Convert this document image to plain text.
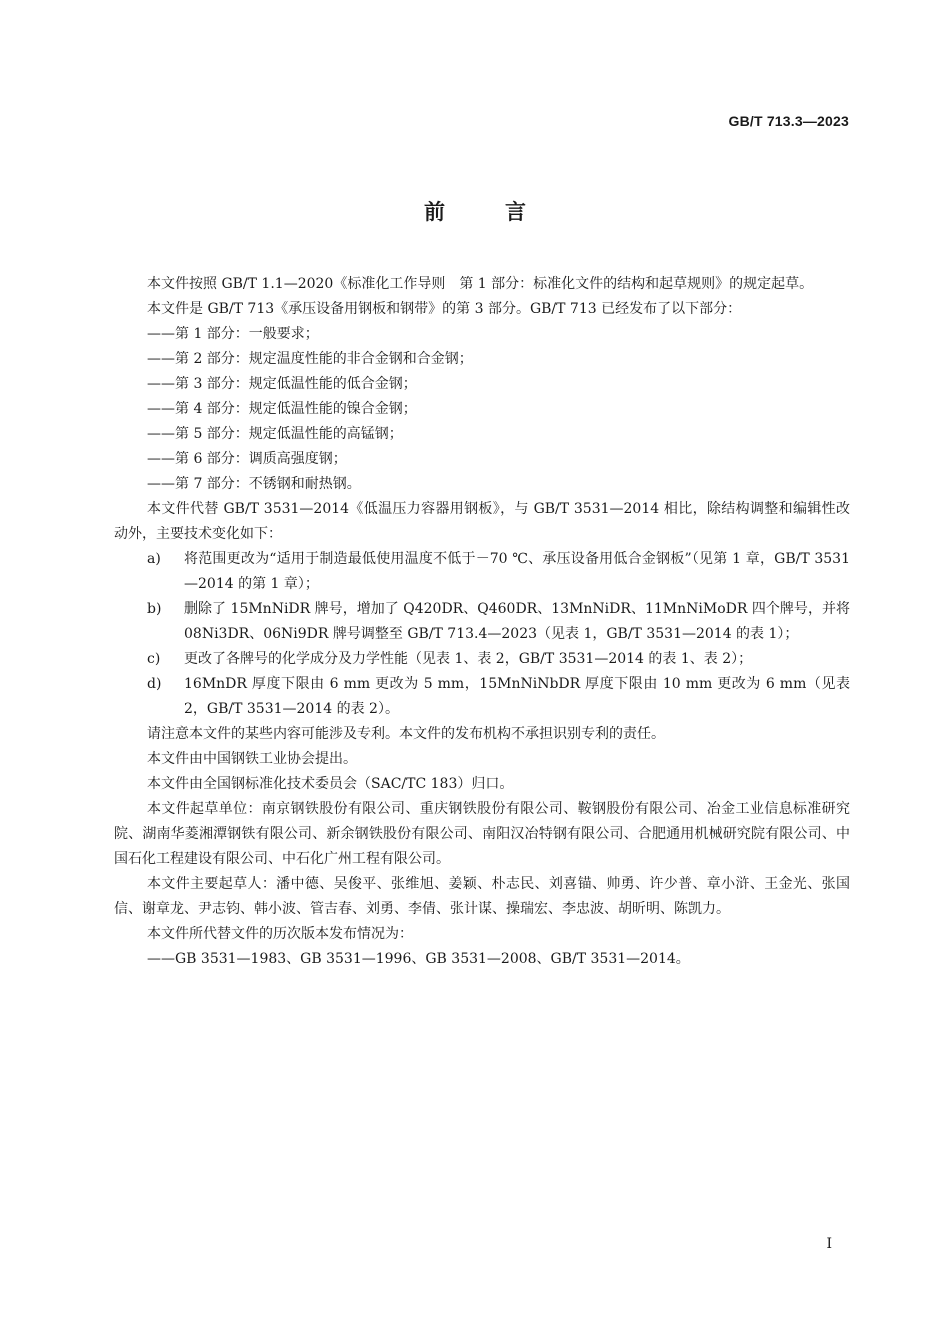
GB/T 713.3—2023
前言

本文件按照 GB/T 1.1—2020《标准化工作导则　第 1 部分：标准化文件的结构和起草规则》的规定起草。

本文件是 GB/T 713《承压设备用钢板和钢带》的第 3 部分。GB/T 713 已经发布了以下部分：

——第 1 部分：一般要求；

——第 2 部分：规定温度性能的非合金钢和合金钢；

——第 3 部分：规定低温性能的低合金钢；

——第 4 部分：规定低温性能的镍合金钢；

——第 5 部分：规定低温性能的高锰钢；

——第 6 部分：调质高强度钢；

——第 7 部分：不锈钢和耐热钢。

本文件代替 GB/T 3531—2014《低温压力容器用钢板》，与 GB/T 3531—2014 相比，除结构调整和编辑性改动外，主要技术变化如下：

a)	将范围更改为“适用于制造最低使用温度不低于－70 ℃、承压设备用低合金钢板”（见第 1 章，GB/T 3531—2014 的第 1 章）；
b)	删除了 15MnNiDR 牌号，增加了 Q420DR、Q460DR、13MnNiDR、11MnNiMoDR 四个牌号，并将 08Ni3DR、06Ni9DR 牌号调整至 GB/T 713.4—2023（见表 1，GB/T 3531—2014 的表 1）；
c)	更改了各牌号的化学成分及力学性能（见表 1、表 2，GB/T 3531—2014 的表 1、表 2）；
d)	16MnDR 厚度下限由 6 mm 更改为 5 mm，15MnNiNbDR 厚度下限由 10 mm 更改为 6 mm（见表 2，GB/T 3531—2014 的表 2）。

请注意本文件的某些内容可能涉及专利。本文件的发布机构不承担识别专利的责任。

本文件由中国钢铁工业协会提出。

本文件由全国钢标准化技术委员会（SAC/TC 183）归口。

本文件起草单位：南京钢铁股份有限公司、重庆钢铁股份有限公司、鞍钢股份有限公司、冶金工业信息标准研究院、湖南华菱湘潭钢铁有限公司、新余钢铁股份有限公司、南阳汉冶特钢有限公司、合肥通用机械研究院有限公司、中国石化工程建设有限公司、中石化广州工程有限公司。

本文件主要起草人：潘中德、吴俊平、张维旭、姜颖、朴志民、刘喜锚、帅勇、许少普、章小浒、王金光、张国信、谢章龙、尹志钧、韩小波、管吉春、刘勇、李倩、张计谋、操瑞宏、李忠波、胡昕明、陈凯力。

本文件所代替文件的历次版本发布情况为：

——GB 3531—1983、GB 3531—1996、GB 3531—2008、GB/T 3531—2014。

Ⅰ
